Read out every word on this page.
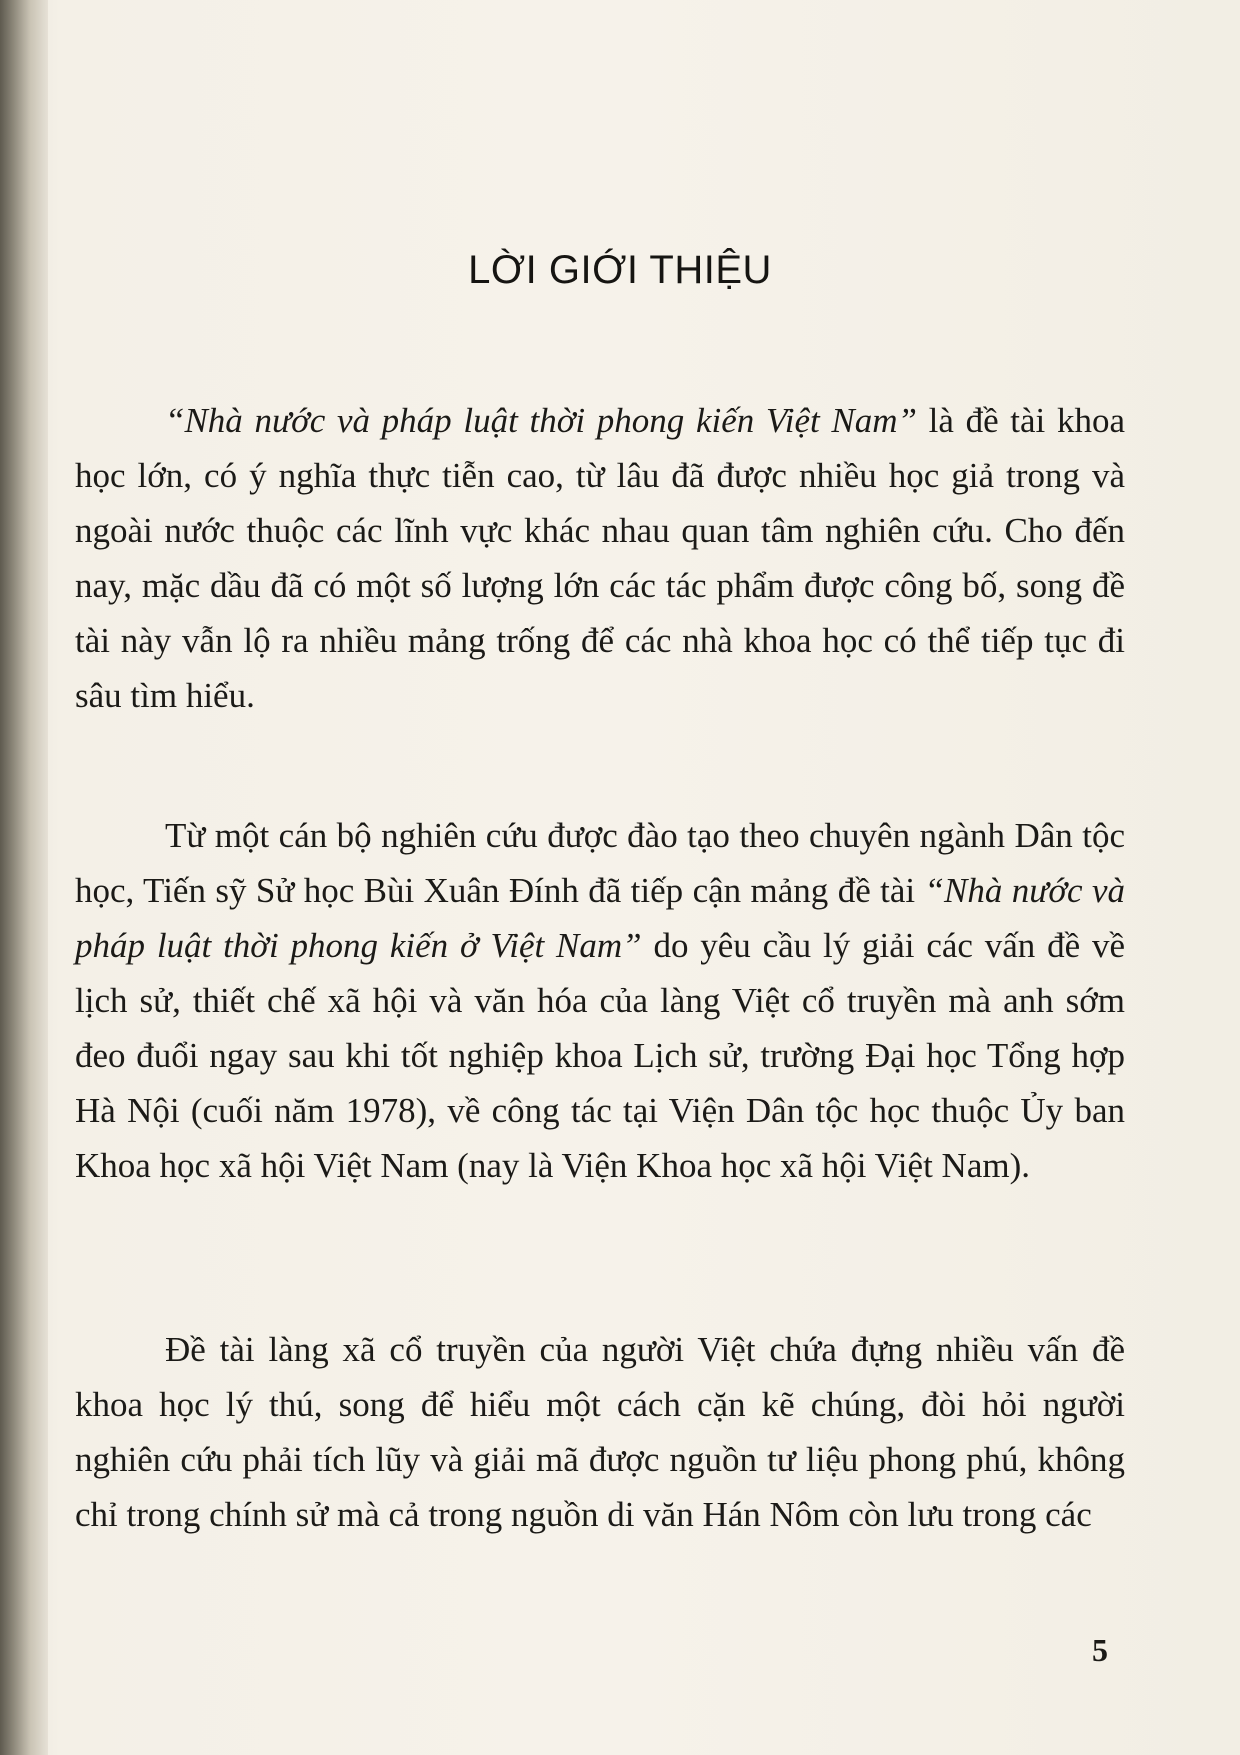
LỜI GIỚI THIỆU

“Nhà nước và pháp luật thời phong kiến Việt Nam” là đề tài khoa học lớn, có ý nghĩa thực tiễn cao, từ lâu đã được nhiều học giả trong và ngoài nước thuộc các lĩnh vực khác nhau quan tâm nghiên cứu. Cho đến nay, mặc dầu đã có một số lượng lớn các tác phẩm được công bố, song đề tài này vẫn lộ ra nhiều mảng trống để các nhà khoa học có thể tiếp tục đi sâu tìm hiểu.

Từ một cán bộ nghiên cứu được đào tạo theo chuyên ngành Dân tộc học, Tiến sỹ Sử học Bùi Xuân Đính đã tiếp cận mảng đề tài “Nhà nước và pháp luật thời phong kiến ở Việt Nam” do yêu cầu lý giải các vấn đề về lịch sử, thiết chế xã hội và văn hóa của làng Việt cổ truyền mà anh sớm đeo đuổi ngay sau khi tốt nghiệp khoa Lịch sử, trường Đại học Tổng hợp Hà Nội (cuối năm 1978), về công tác tại Viện Dân tộc học thuộc Ủy ban Khoa học xã hội Việt Nam (nay là Viện Khoa học xã hội Việt Nam).

Đề tài làng xã cổ truyền của người Việt chứa đựng nhiều vấn đề khoa học lý thú, song để hiểu một cách cặn kẽ chúng, đòi hỏi người nghiên cứu phải tích lũy và giải mã được nguồn tư liệu phong phú, không chỉ trong chính sử mà cả trong nguồn di văn Hán Nôm còn lưu trong các

5
